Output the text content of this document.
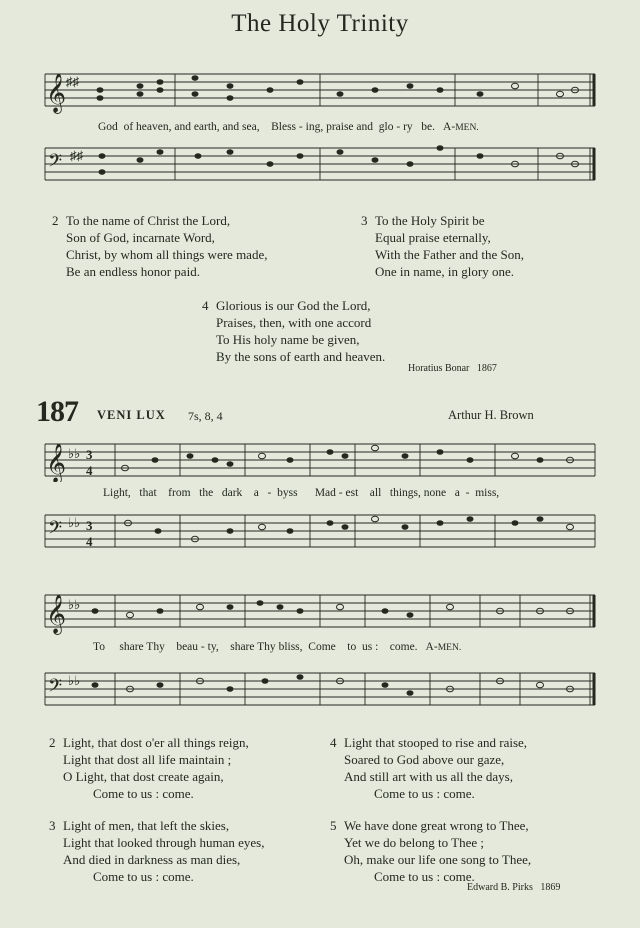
The Holy Trinity
𝄞 ♯♯
God of heaven, and earth, and sea, Bless - ing, praise and glo - ry be. A-MEN.
𝄢 ♯♯
2 To the name of Christ the Lord,
Son of God, incarnate Word,
Christ, by whom all things were made,
Be an endless honor paid.
3 To the Holy Spirit be
Equal praise eternally,
With the Father and the Son,
One in name, in glory one.
4 Glorious is our God the Lord,
Praises, then, with one accord
To His holy name be given,
By the sons of earth and heaven.
Horatius Bonar 1867
187 VENI LUX 7s, 8, 4	Arthur H. Brown
𝄞 ♭♭ 3
4
Light, that from the dark a - byss Mad - est all things, none a - miss,
𝄢 ♭♭ 3
4
𝄞 ♭♭
To share Thy beau - ty, share Thy bliss, Come to us : come. A-MEN.
𝄢 ♭♭
2 Light, that dost o'er all things reign,
Light that dost all life maintain ;
O Light, that dost create again,
Come to us : come.
4 Light that stooped to rise and raise,
Soared to God above our gaze,
And still art with us all the days,
Come to us : come.
3 Light of men, that left the skies,
Light that looked through human eyes,
And died in darkness as man dies,
Come to us : come.
5 We have done great wrong to Thee,
Yet we do belong to Thee ;
Oh, make our life one song to Thee,
Come to us : come.
Edward B. Pirks 1869
